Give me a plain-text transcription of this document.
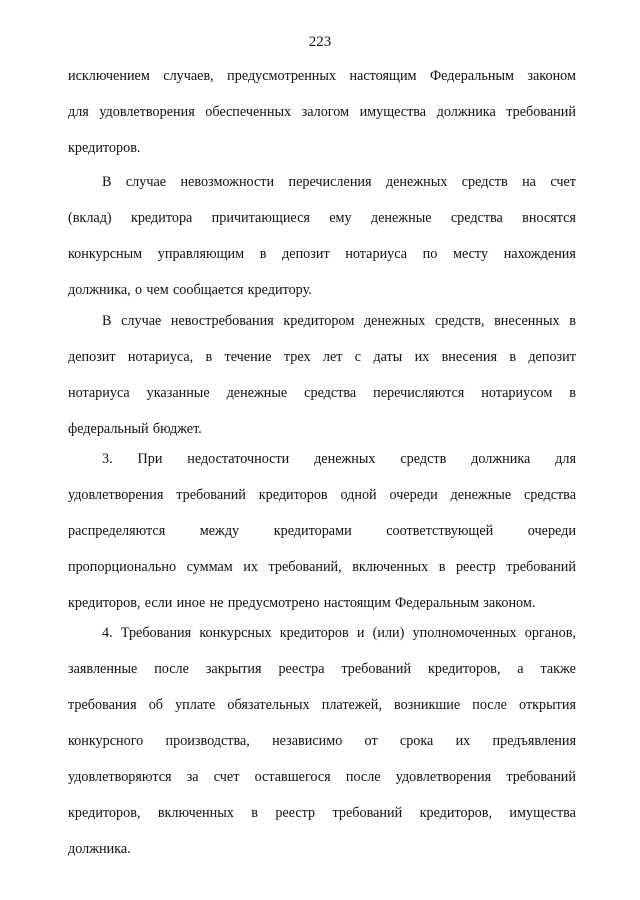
223
исключением случаев, предусмотренных настоящим Федеральным законом
для удовлетворения обеспеченных залогом имущества должника требований
кредиторов.
В случае невозможности перечисления денежных средств на счет
(вклад) кредитора причитающиеся ему денежные средства вносятся
конкурсным управляющим в депозит нотариуса по месту нахождения
должника, о чем сообщается кредитору.
В случае невостребования кредитором денежных средств, внесенных в
депозит нотариуса, в течение трех лет с даты их внесения в депозит
нотариуса указанные денежные средства перечисляются нотариусом в
федеральный бюджет.
3. При недостаточности денежных средств должника для
удовлетворения требований кредиторов одной очереди денежные средства
распределяются между кредиторами соответствующей очереди
пропорционально суммам их требований, включенных в реестр требований
кредиторов, если иное не предусмотрено настоящим Федеральным законом.
4. Требования конкурсных кредиторов и (или) уполномоченных органов,
заявленные после закрытия реестра требований кредиторов, а также
требования об уплате обязательных платежей, возникшие после открытия
конкурсного производства, независимо от срока их предъявления
удовлетворяются за счет оставшегося после удовлетворения требований
кредиторов, включенных в реестр требований кредиторов, имущества
должника.
